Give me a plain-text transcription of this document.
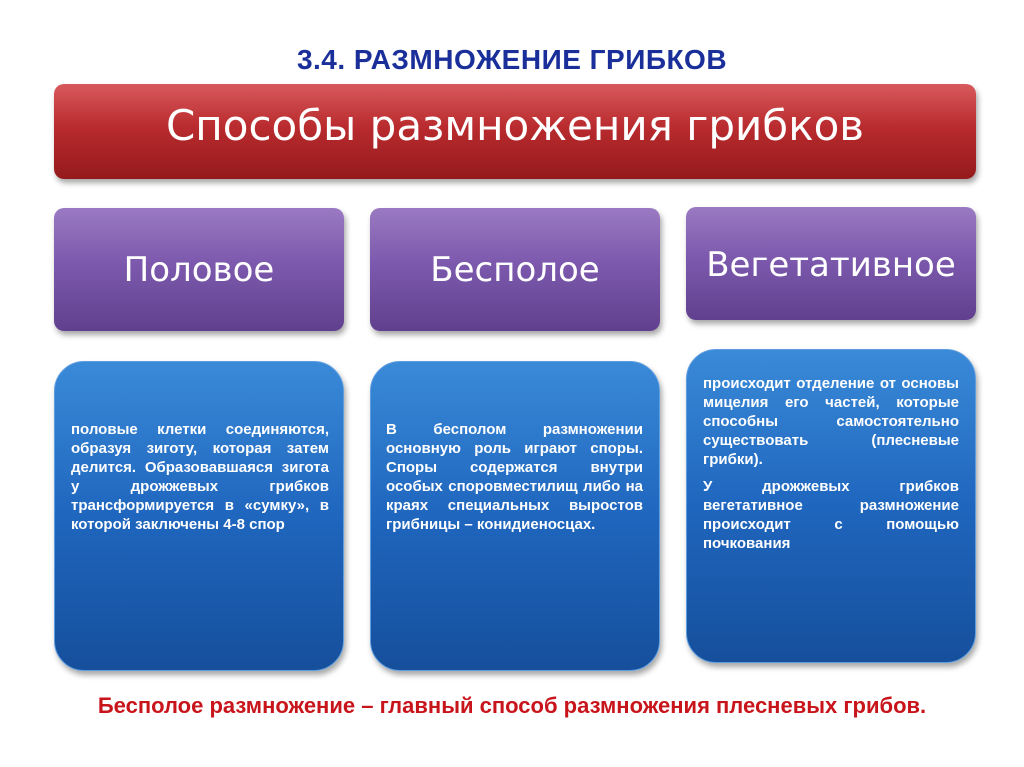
3.4. РАЗМНОЖЕНИЕ ГРИБКОВ
Способы размножения грибков
Половое	Бесполое	Вегетативное

половые клетки соединяются, образуя зиготу, которая затем делится. Образовавшаяся зигота у дрожжевых грибков трансформируется в «сумку», в которой заключены 4-8 спор

В бесполом размножении основную роль играют споры. Споры содержатся внутри особых споровместилищ либо на краях специальных выростов грибницы – конидиеносцах.

происходит отделение от основы мицелия его частей, которые способны самостоятельно существовать (плесневые грибки).

У дрожжевых грибков вегетативное размножение происходит с помощью почкования

Бесполое размножение – главный способ размножения плесневых грибов.
